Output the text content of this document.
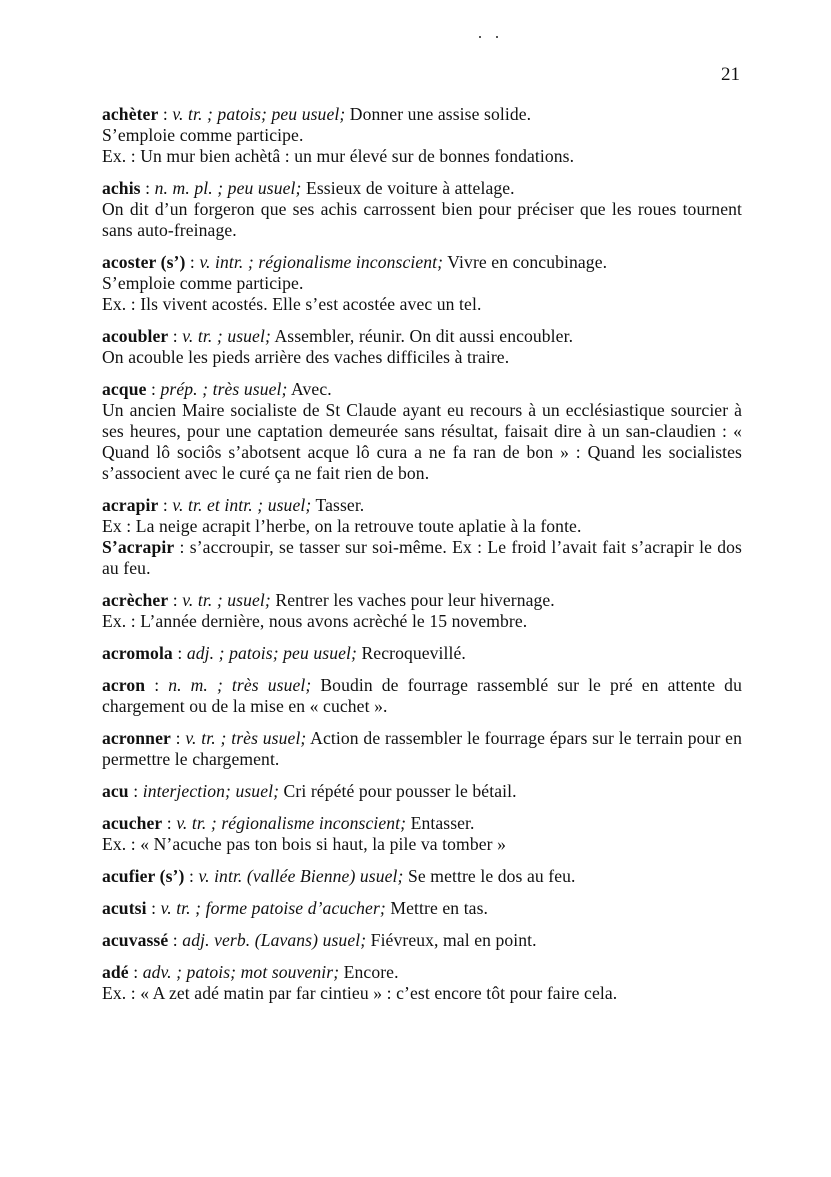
21

achèter : v. tr. ; patois; peu usuel; Donner une assise solide.

S’emploie comme participe.

Ex. : Un mur bien achètâ : un mur élevé sur de bonnes fondations.

achis : n. m. pl. ; peu usuel; Essieux de voiture à attelage.

On dit d’un forgeron que ses achis carrossent bien pour préciser que les roues tournent sans auto-freinage.

acoster (s’) : v. intr. ; régionalisme inconscient; Vivre en concubinage.

S’emploie comme participe.

Ex. : Ils vivent acostés. Elle s’est acostée avec un tel.

acoubler : v. tr. ; usuel; Assembler, réunir. On dit aussi encoubler.

On acouble les pieds arrière des vaches difficiles à traire.

acque : prép. ; très usuel; Avec.

Un ancien Maire socialiste de St Claude ayant eu recours à un ecclésiastique sourcier à ses heures, pour une captation demeurée sans résultat, faisait dire à un san-claudien : « Quand lô sociôs s’abotsent acque lô cura a ne fa ran de bon » : Quand les socialistes s’associent avec le curé ça ne fait rien de bon.

acrapir : v. tr. et intr. ; usuel; Tasser.

Ex : La neige acrapit l’herbe, on la retrouve toute aplatie à la fonte.

S’acrapir : s’accroupir, se tasser sur soi-même. Ex : Le froid l’avait fait s’acrapir le dos au feu.

acrècher : v. tr. ; usuel; Rentrer les vaches pour leur hivernage.

Ex. : L’année dernière, nous avons acrèché le 15 novembre.

acromola : adj. ; patois; peu usuel; Recroquevillé.

acron : n. m. ; très usuel; Boudin de fourrage rassemblé sur le pré en attente du chargement ou de la mise en « cuchet ».

acronner : v. tr. ; très usuel; Action de rassembler le fourrage épars sur le terrain pour en permettre le chargement.

acu : interjection; usuel; Cri répété pour pousser le bétail.

acucher : v. tr. ; régionalisme inconscient; Entasser.

Ex. : « N’acuche pas ton bois si haut, la pile va tomber »

acufier (s’) : v. intr. (vallée Bienne) usuel; Se mettre le dos au feu.

acutsi : v. tr. ; forme patoise d’acucher; Mettre en tas.

acuvassé : adj. verb. (Lavans) usuel; Fiévreux, mal en point.

adé : adv. ; patois; mot souvenir; Encore.

Ex. : « A zet adé matin par far cintieu » : c’est encore tôt pour faire cela.
